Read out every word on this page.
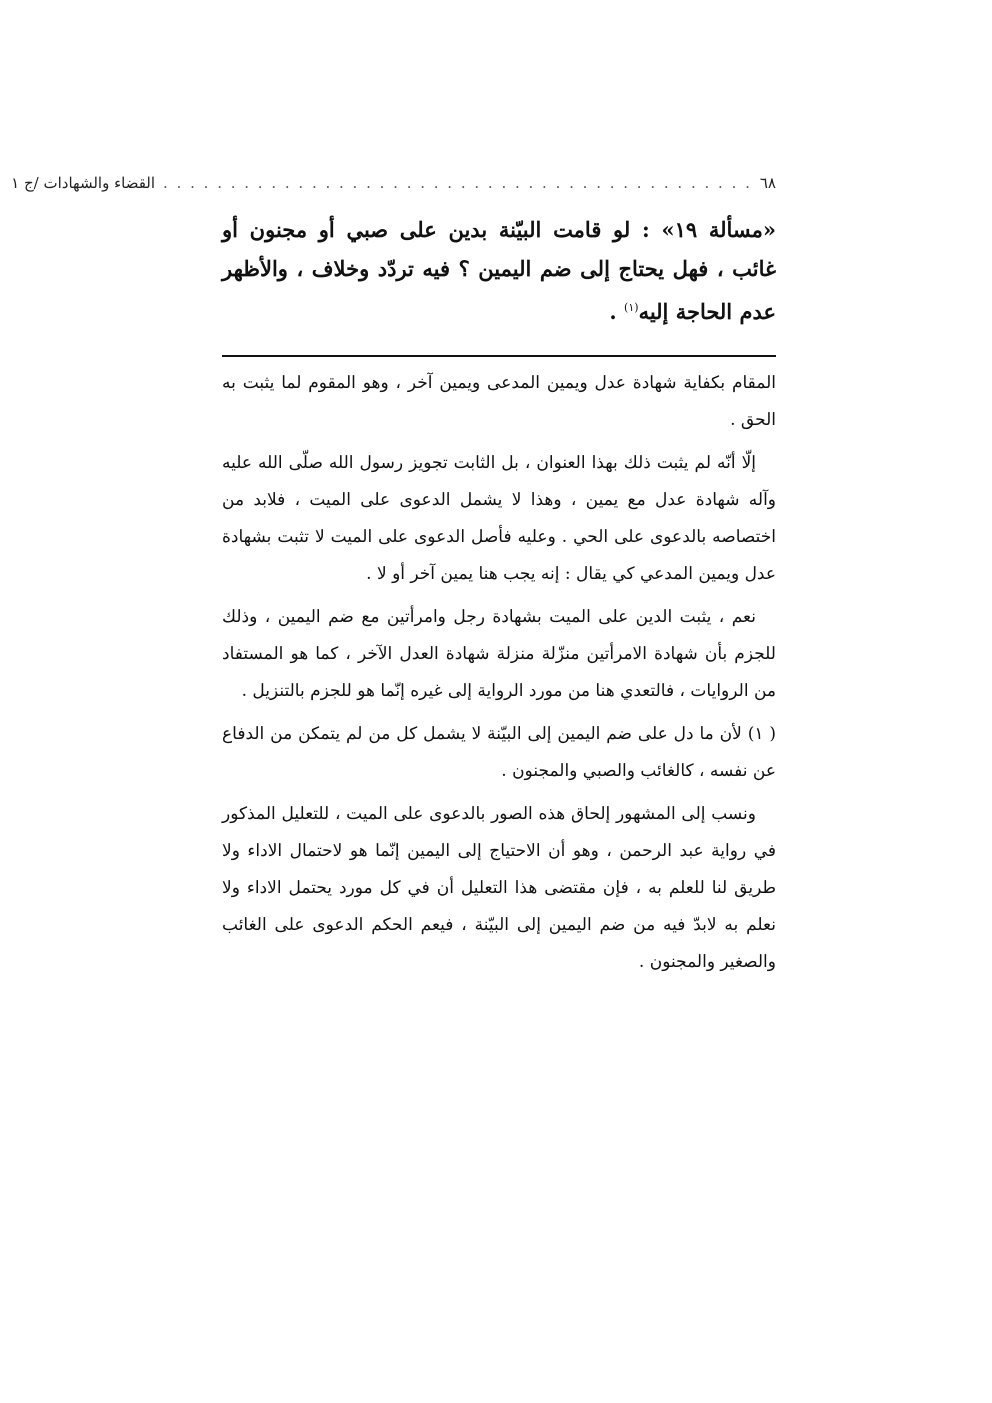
٦٨
. . . . . . . . . . . . . . . . . . . . . . . . . . . . . . . . . . . . . . . . . . . .
القضاء والشهادات /ج ١
«مسألة ١٩» : لو قامت البيّنة بدين على صبي أو مجنون أو غائب ، فهل يحتاج إلى ضم اليمين ؟ فيه تردّد وخلاف ، والأظهر عدم الحاجة إليه$^{(١)}$ .

المقام بكفاية شهادة عدل ويمين المدعى ويمين آخر ، وهو المقوم لما يثبت به الحق .

إلّا أنّه لم يثبت ذلك بهذا العنوان ، بل الثابت تجويز رسول الله صلّى الله عليه وآله شهادة عدل مع يمين ، وهذا لا يشمل الدعوى على الميت ، فلابد من اختصاصه بالدعوى على الحي . وعليه فأصل الدعوى على الميت لا تثبت بشهادة عدل ويمين المدعي كي يقال : إنه يجب هنا يمين آخر أو لا .

نعم ، يثبت الدين على الميت بشهادة رجل وامرأتين مع ضم اليمين ، وذلك للجزم بأن شهادة الامرأتين منزّلة منزلة شهادة العدل الآخر ، كما هو المستفاد من الروايات ، فالتعدي هنا من مورد الرواية إلى غيره إنّما هو للجزم بالتنزيل .

( ١) لأن ما دل على ضم اليمين إلى البيّنة لا يشمل كل من لم يتمكن من الدفاع عن نفسه ، كالغائب والصبي والمجنون .

ونسب إلى المشهور إلحاق هذه الصور بالدعوى على الميت ، للتعليل المذكور في رواية عبد الرحمن ، وهو أن الاحتياج إلى اليمين إنّما هو لاحتمال الاداء ولا طريق لنا للعلم به ، فإن مقتضى هذا التعليل أن في كل مورد يحتمل الاداء ولا نعلم به لابدّ فيه من ضم اليمين إلى البيّنة ، فيعم الحكم الدعوى على الغائب والصغير والمجنون .
